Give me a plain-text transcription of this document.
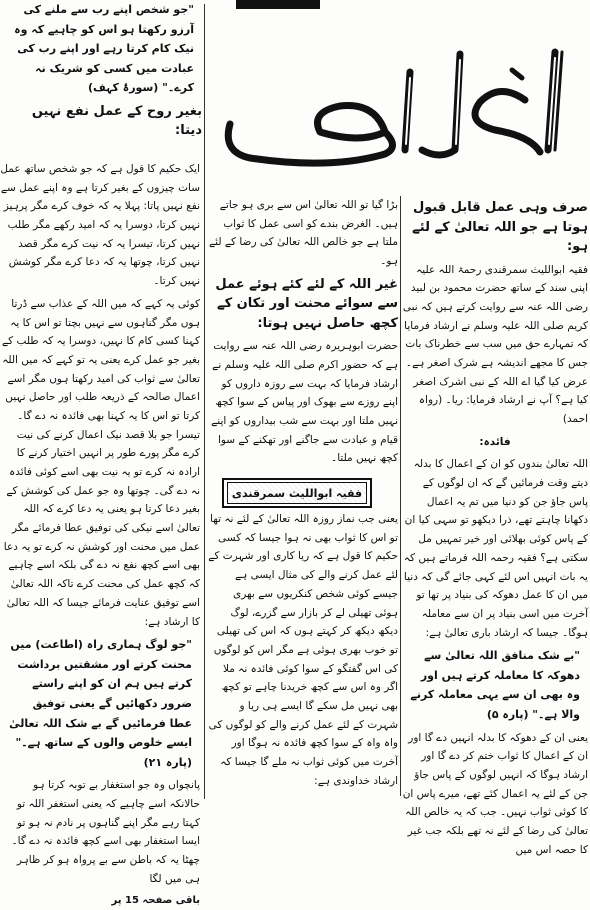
"جو شخص اپنے رب سے ملنے کی آرزو رکھتا ہو اس کو چاہیے کہ وہ نیک کام کرتا رہے اور اپنے رب کی عبادت میں کسی کو شریک نہ کرے۔" (سورۂ کہف)

بغیر روح کے عمل نفع نہیں دیتا:

ایک حکیم کا قول ہے کہ جو شخص ساتھ عمل سات چیزوں کے بغیر کرتا ہے وہ اپنے عمل سے نفع نہیں پاتا: پہلا یہ کہ خوف کرے مگر پرہیز نہیں کرتا، دوسرا یہ کہ امید رکھے مگر طلب نہیں کرتا، تیسرا یہ کہ نیت کرے مگر قصد نہیں کرتا، چوتھا یہ کہ دعا کرے مگر کوشش نہیں کرتا۔

کوئی یہ کہے کہ میں اللہ کے عذاب سے ڈرتا ہوں مگر گناہوں سے نہیں بچتا تو اس کا یہ کہنا کسی کام کا نہیں، دوسرا یہ کہ طلب کے بغیر جو عمل کرے یعنی یہ تو کہے کہ میں اللہ تعالیٰ سے ثواب کی امید رکھتا ہوں مگر اسے اعمال صالحہ کے ذریعہ طلب اور حاصل نہیں کرتا تو اس کا یہ کہنا بھی فائدہ نہ دے گا۔ تیسرا جو بلا قصد نیک اعمال کرنے کی نیت کرے مگر پورے طور پر انہیں اختیار کرنے کا ارادہ نہ کرے تو یہ نیت بھی اسے کوئی فائدہ نہ دے گی۔ چوتھا وہ جو عمل کی کوشش کے بغیر دعا کرتا ہو یعنی یہ دعا کرے کہ اللہ تعالیٰ اسے نیکی کی توفیق عطا فرمائے مگر عمل میں محنت اور کوشش نہ کرے تو یہ دعا بھی اسے کچھ نفع نہ دے گی بلکہ اسے چاہیے کہ کچھ عمل کی محنت کرے تاکہ اللہ تعالیٰ اسے توفیق عنایت فرمائے جیسا کہ اللہ تعالیٰ کا ارشاد ہے:

"جو لوگ ہماری راہ (اطاعت) میں محنت کرتے اور مشقتیں برداشت کرتے ہیں ہم ان کو اپنے راستے ضرور دکھائیں گے یعنی توفیق عطا فرمائیں گے بے شک اللہ تعالیٰ ایسے خلوص والوں کے ساتھ ہے۔" (پارہ ۲۱)

پانچواں وہ جو استغفار بے توبہ کرتا ہو حالانکہ اسے چاہیے کہ یعنی استغفر اللہ تو کہتا رہے مگر اپنے گناہوں پر نادم نہ ہو تو ایسا استغفار بھی اسے کچھ فائدہ نہ دے گا۔ چھٹا یہ کہ باطن سے بے پرواہ ہو کر ظاہر ہی میں لگا

باقی صفحہ 15 پر

بڑا گیا تو اللہ تعالیٰ اس سے بری ہو جاتے ہیں۔ الغرض بندے کو اسی عمل کا ثواب ملتا ہے جو خالص اللہ تعالیٰ کی رضا کے لئے ہو۔

غیر اللہ کے لئے کئے ہوئے عمل سے سوائے محنت اور تکان کے کچھ حاصل نہیں ہوتا:

حضرت ابوہریرہ رضی اللہ عنہ سے روایت ہے کہ حضور اکرم صلی اللہ علیہ وسلم نے ارشاد فرمایا کہ بہت سے روزہ داروں کو اپنے روزے سے بھوک اور پیاس کے سوا کچھ نہیں ملتا اور بہت سے شب بیداروں کو اپنے قیام و عبادت سے جاگنے اور تھکنے کے سوا کچھ نہیں ملتا۔

یعنی جب نماز روزہ اللہ تعالیٰ کے لئے نہ تھا تو اس کا ثواب بھی نہ ہوا جیسا کہ کسی حکیم کا قول ہے کہ ریا کاری اور شہرت کے لئے عمل کرنے والے کی مثال ایسی ہے جیسے کوئی شخص کنکریوں سے بھری ہوئی تھیلی لے کر بازار سے گزرے، لوگ دیکھ دیکھ کر کہتے ہوں کہ اس کی تھیلی تو خوب بھری ہوئی ہے مگر اس کو لوگوں کی اس گفتگو کے سوا کوئی فائدہ نہ ملا اگر وہ اس سے کچھ خریدنا چاہے تو کچھ بھی نہیں مل سکے گا ایسے ہی ریا و شہرت کے لئے عمل کرنے والے کو لوگوں کی واہ واہ کے سوا کچھ فائدہ نہ ہوگا اور آخرت میں کوئی ثواب نہ ملے گا جیسا کہ ارشاد خداوندی ہے:

فقیہ ابواللیث سمرقندی

صرف وہی عمل قابل قبول ہوتا ہے جو اللہ تعالیٰ کے لئے ہو:

فقیہ ابواللیث سمرقندی رحمۃ اللہ علیہ اپنی سند کے ساتھ حضرت محمود بن لبید رضی اللہ عنہ سے روایت کرتے ہیں کہ نبی کریم صلی اللہ علیہ وسلم نے ارشاد فرمایا کہ تمہارے حق میں سب سے خطرناک بات جس کا مجھے اندیشہ ہے شرک اصغر ہے۔ عرض کیا گیا اے اللہ کے نبی اشرک اصغر کیا ہے؟ آپ نے ارشاد فرمایا: ریا۔ (رواہ احمد)

فائدہ:

اللہ تعالیٰ بندوں کو ان کے اعمال کا بدلہ دیتے وقت فرمائیں گے کہ ان لوگوں کے پاس جاؤ جن کو دنیا میں تم یہ اعمال دکھانا چاہتے تھے، ذرا دیکھو تو سہی کیا ان کے پاس کوئی بھلائی اور خیر تمہیں مل سکتی ہے؟ فقیہ رحمہ اللہ فرماتے ہیں کہ یہ بات انہیں اس لئے کہی جائے گی کہ دنیا میں ان کا عمل دھوکہ کی بنیاد پر تھا تو آخرت میں اسی بنیاد پر ان سے معاملہ ہوگا۔ جیسا کہ ارشاد باری تعالیٰ ہے:

"بے شک منافق اللہ تعالیٰ سے دھوکہ کا معاملہ کرتے ہیں اور وہ بھی ان سے یہی معاملہ کرنے والا ہے۔" (پارہ ۵)

یعنی ان کے دھوکہ کا بدلہ انہیں دے گا اور ان کے اعمال کا ثواب ختم کر دے گا اور ارشاد ہوگا کہ انہیں لوگوں کے پاس جاؤ جن کے لئے یہ اعمال کئے تھے، میرے پاس ان کا کوئی ثواب نہیں۔ جب کہ یہ خالص اللہ تعالیٰ کی رضا کے لئے نہ تھے بلکہ جب غیر کا حصہ اس میں
